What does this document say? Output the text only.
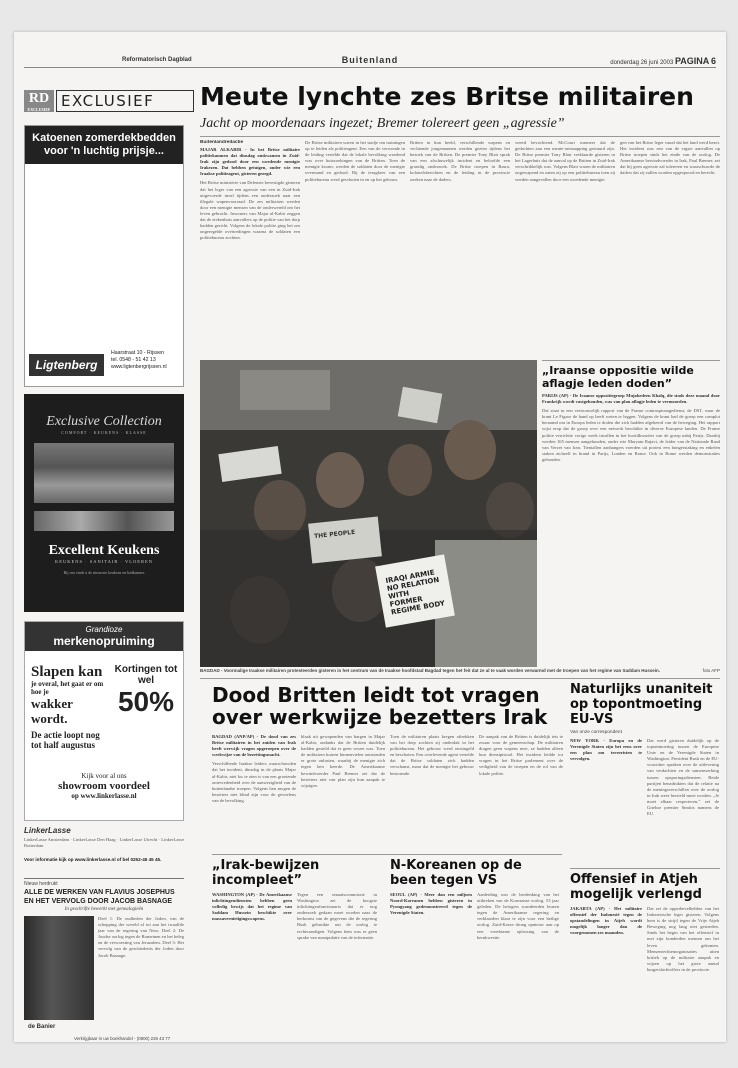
Reformatorisch Dagblad	Buitenland	donderdag 26 juni 2003 PAGINA 6
RD
EXCLUSIEF EXCLUSIEF
Katoenen zomerdekbedden voor 'n luchtig prijsje...
Ligtenberg
Haarstraat 10 - Rijssen
tel. 0548 - 51 42 13
www.ligtenbergrijssen.nl
Exclusive Collection
COMFORT · KEUKENS · KLASSE
Excellent Keukens
KEUKENS · SANITAIR · VLOEREN
Bij ons vindt u de nieuwste keukens en badkamers
Grandioze
merkenopruiming
Slapen kan
je overal, het gaat er om hoe je
wakker wordt.
De actie loopt nog tot half augustus
Kortingen tot wel
50%
Kijk voor al ons
showroom voordeel
op www.linkerlasse.nl
LinkerLasse
LinkerLasse Amsterdam · LinkerLasse Den Haag · LinkerLasse Utrecht · LinkerLasse Rotterdam
Voor informatie kijk op www.linkerlasse.nl of bel 0252-45 45 45.
Nieuw herdrukt
ALLE DE WERKEN VAN FLAVIUS JOSEPHUS EN HET VERVOLG DOOR JACOB BASNAGE
In geschrifte bewerkt met genealogieën
Deel 1: De oudheden der Joden, van de schepping der wereld af tot aan het twaalfde jaar van de regering van Nero. Deel 2: De Joodse oorlog tegen de Romeinen en het beleg en de verwoesting van Jeruzalem. Deel 3: Het vervolg van de geschiedenis der Joden door Jacob Basnage.
de Banier
Verkrijgbaar in uw boekhandel - (0800) 226 43 77
Meute lynchte zes Britse militairen
Jacht op moordenaars ingezet; Bremer tolereert geen „agressie”
Buitenlandredactie
MAJAR ALKABIR - In het Britse militaire politiekamnen dat dinsdag omkwamen in Zuid-Irak zijn gedood door een woedende menigte Irakezen. Dat hebben getuigen, onder wie een Iraakse politieagent, gisteren gezegd.
Het Britse ministerie van Defensie bevestigde gisteren dat het leger van een agressie van een in Zuid-Irak uitgevoerde inval tijdens een onderzoek naar een illegale wapenvoorraad. De zes militairen werden door een menigte mensen van de onderwereld om het leven gebracht. Inwoners van Majar al-Kabir zeggen dat de ziekenhuis aanvallers op de politie van het dorp hadden gericht. Volgens de lokale politie ging het om ongeregelde overtredingen waarna de soldaten een politiebureau zochten.
De Britse militairen waren in het stadje om trainingen op te leiden als politieagent. Een van de verwonde in de leiding vertelde dat de lokale bevolking woedend was over huiszoekingen van de Britten. Toen de menigte kwam, werden de soldaten door de menigte overmand en gedood. Bij de terugkeer van een politiebureau werd geschoten in en op het gebouw.
Britten in hun beeld, verschillende wapens en vechtende jongemannen werden gezien tijdens het bezoek van de Britten. De premier Tony Blair sprak van een afschuwelijk incident en beloofde een grondig onderzoek. De Britse troepen in Basra, kolonelsberichten en de leiding in de provincie zoeken naar de daders.
weerd bevochtend. McCourt wanneer dat de gedachten aan een meute-ontsnapping gestuurd zijn. De Britse premier Tony Blair verklaarde gisteren in het Lagerhuis dat de aanval op de Britten in Zuid-Irak verschrikkelijk was. Volgens Blair waren de militairen ongewapend en zaten zij op een politiebureau toen zij werden aangevallen door een woedende menigte.
gen van het Britse leger vanaf dat het land werd bezet. Het incident was een van de ergste aanvallen op Britse troepen sinds het einde van de oorlog. De Amerikaanse bewindvoerder in Irak, Paul Bremer, zei dat hij geen agressie zal tolereren en waarschuwde de daders dat zij zullen worden opgespoord en berecht.
IRAQI ARMIE NO RELATION WITH FORMER REGIME BODY
THE PEOPLE
BAGDAD - Voormalige Iraakse militairen protesteerden gisteren in het centrum van de Iraakse hoofdstad Bagdad tegen het feit dat ze al te vaak worden verwarmd met de troepen van het regime van Saddam Hussein.	foto AFP
„Iraanse oppositie wilde aflagje leden doden”
PARIJS (AP) - De Iraanse oppositiegroep Mujahedeen Khalq, die sinds deze maand door Frankrijk wordt vastgehouden, was van plan aflagje leden te vermoorden.
Dat staat in een vertrouwelijk rapport van de Franse contraspionagedienst, de DST, waar de krant Le Figaro de hand op heeft weten te leggen. Volgens de krant had de groep een complot beraamd om in Europa leden te doden die zich hadden afgekeerd van de beweging. Het rapport wijst erop dat de groep over een netwerk beschikte in diverse Europese landen. De Franse politie verrichtte vorige week invallen in het hoofdkwartier van de groep nabij Parijs. Daarbij werden 165 mensen aangehouden, onder wie Maryam Rajavi, de leider van de Nationale Raad van Verzet van Iran. Tientallen aanhangers voerden uit protest een hongerstaking en enkelen staken zichzelf in brand in Parijs, Londen en Rome. Ook in Rome werden demonstraties gehouden.
Dood Britten leidt tot vragen over werkwijze bezetters Irak
BAGDAD (ANP/AP) - De dood van zes Britse militairen in het zuiden van Irak heeft werwijk vragen opgeroepen over de werkwijze van de bezettingsmacht.
Verschillende Iraakse leiders waarschuwden dat het incident, dinsdag in de plaats Majar al-Kabir, niet los te zien is van een groeiende ontevredenheid over de aanwezigheid van de buitenlandse troepen. Volgens hen mogen de bezetters niet blind zijn voor de gevoelens van de bevolking.
blaak uit gewapenden van bargen in Majar al-Kabir, ondanks dat de Britten duidelijk hadden gesteld dat er geen verzet was. Toen de militairen huizen binnenvielen ontstonden er grote onlusten, waarbij de menigte zich tegen hen keerde. De Amerikaanse bewindvoerder Paul Bremer zei dat de bezetters niet van plan zijn hun aanpak te wijzigen.
Toen de militairen plaats kregen aftrekken van het dorp zochten zij onderdak in het politiebureau. Het gebouw werd omsingeld en beschoten. Een overlevende agent vertelde dat de Britse soldaten zich hadden verschanst, maar dat de menigte het gebouw bestormde.
De aanpak van de Britten is duidelijk iets te zwaar voor de gemeenschap. De militairen dragen geen wapens mee, ze hadden alleen hun dienstpistool. Het incident leidde tot vragen in het Britse parlement over de veiligheid van de troepen en de rol van de lokale politie.
Naturlijks unaniteit op topontmoeting EU-VS
Van onze correspondent
NEW YORK - Europa en de Verenigde Staten zijn het eens over een plan om terroristen te vervolgen.
Dat werd gisteren duidelijk op de topontmoeting tussen de Europese Unie en de Verenigde Staten in Washington. President Bush en de EU-voorzitter spraken over de uitlevering van verdachten en de samenwerking tussen opsporingsdiensten. Beide partijen benadrukten dat de relatie na de meningsverschillen over de oorlog in Irak weer hersteld moet worden. „Je moet elkaar respecteren,” zei de Griekse premier Simitis namens de EU.
„Irak-bewijzen incompleet”
WASHINGTON (AP) - De Amerikaanse inlichtingendiensten hebben geen volledig bewijs dat het regime van Saddam Hussein beschikte over massavernietigingswapens.
Tegen een senaatscommissie in Washington zei de hoogste inlichtingenfunctionaris dat er nog onderzoek gedaan moet worden naar de herkomst van de gegevens die de regering Bush gebruikte om de oorlog te rechtvaardigen. Volgens hem was er geen sprake van manipulatie van de informatie.
N-Koreanen op de been tegen VS
SEOUL (AP) - Meer dan een miljoen Noord-Koreanen hebben gisteren in Pyongyang gedemonstreerd tegen de Verenigde Staten.
Aanleiding was de herdenking van het uitbreken van de Koreaanse oorlog, 53 jaar geleden. De betogers scandeerden leuzen tegen de Amerikaanse regering en verklaarden klaar te zijn voor een heilige oorlog. Zuid-Korea drong opnieuw aan op een vreedzame oplossing van de kernkwestie.
Offensief in Atjeh mogelijk verlengd
JAKARTA (AP) - Het militaire offensief der Indonesië tegen de opstandelingen in Atjeh wordt mogelijk langer dan de voorgenomen zes maanden.
Dat zei de opperbevelhebber van het Indonesische leger gisteren. Volgens hem is de strijd tegen de Vrije Atjeh Beweging nog lang niet gestreden. Sinds het begin van het offensief in mei zijn honderden mensen om het leven gekomen. Mensenrechtenorganisaties uiten kritiek op de militaire aanpak en wijzen op het grote aantal burgerslachtoffers in de provincie.
